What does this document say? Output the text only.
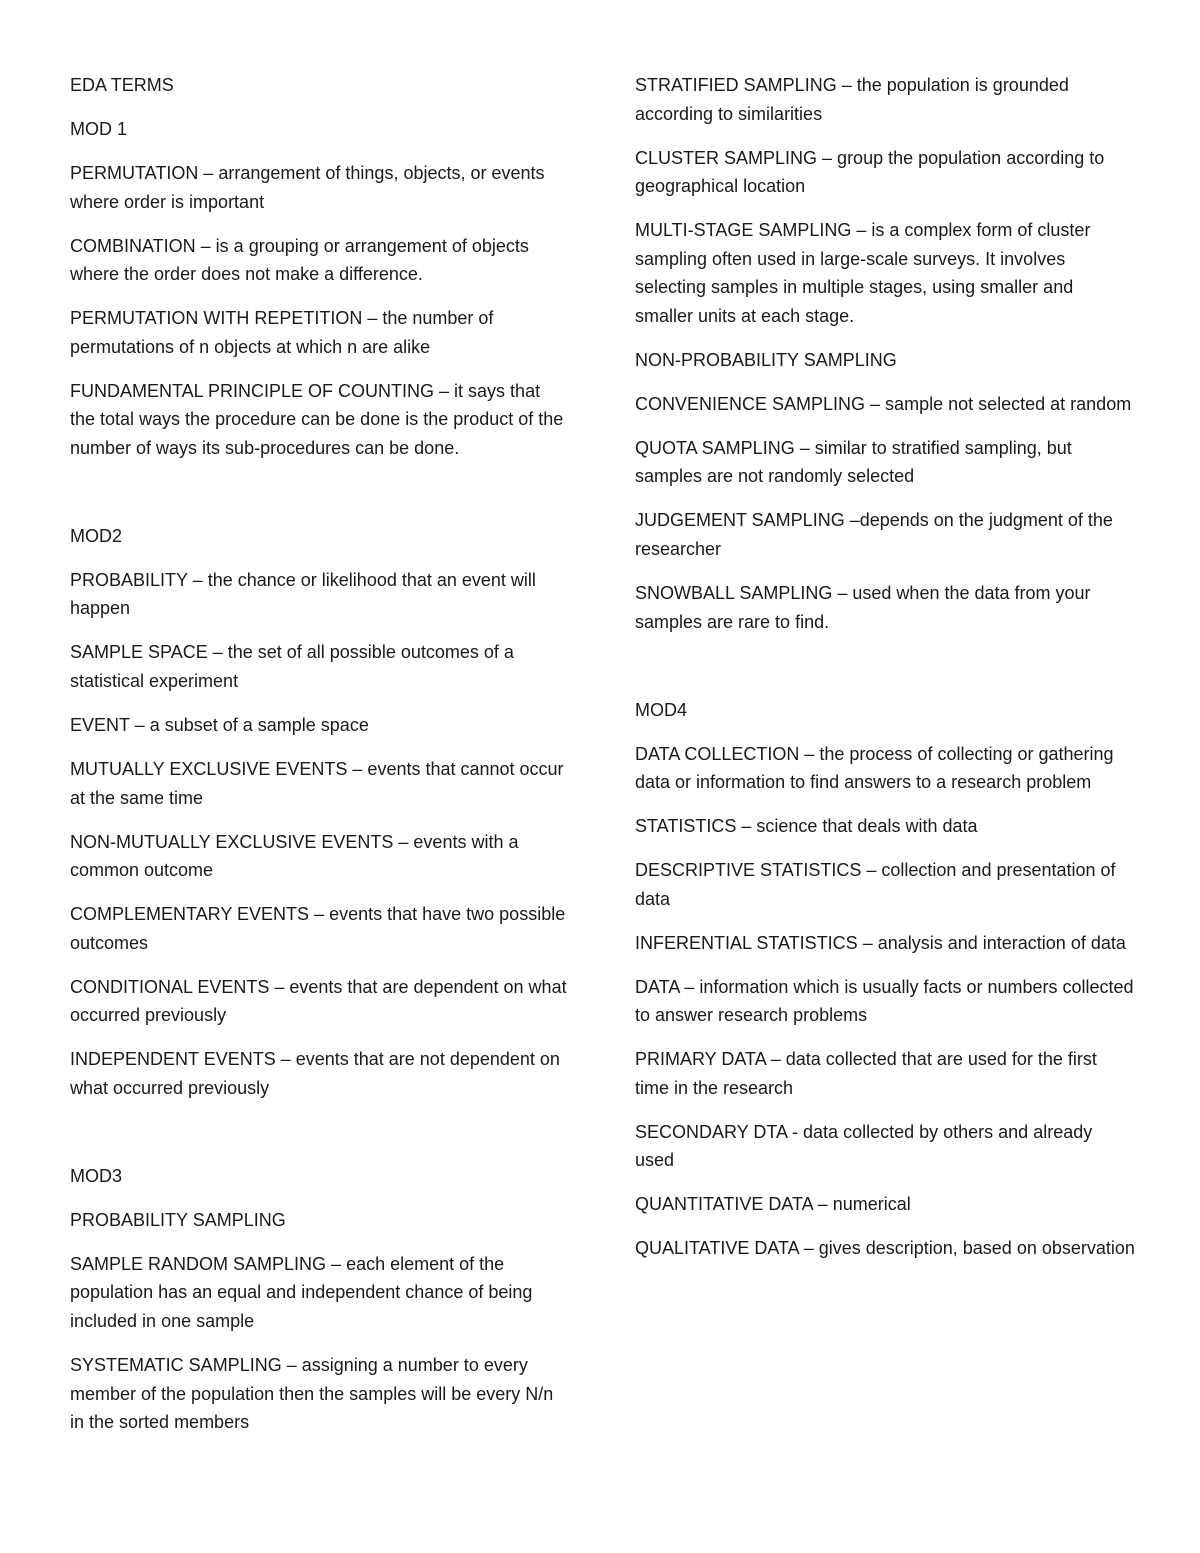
EDA TERMS

MOD 1

PERMUTATION – arrangement of things, objects, or events where order is important

COMBINATION – is a grouping or arrangement of objects where the order does not make a difference.

PERMUTATION WITH REPETITION – the number of permutations of n objects at which n are alike

FUNDAMENTAL PRINCIPLE OF COUNTING – it says that the total ways the procedure can be done is the product of the number of ways its sub-procedures can be done.

MOD2

PROBABILITY – the chance or likelihood that an event will happen

SAMPLE SPACE – the set of all possible outcomes of a statistical experiment

EVENT – a subset of a sample space

MUTUALLY EXCLUSIVE EVENTS – events that cannot occur at the same time

NON-MUTUALLY EXCLUSIVE EVENTS – events with a common outcome

COMPLEMENTARY EVENTS – events that have two possible outcomes

CONDITIONAL EVENTS – events that are dependent on what occurred previously

INDEPENDENT EVENTS – events that are not dependent on what occurred previously

MOD3

PROBABILITY SAMPLING

SAMPLE RANDOM SAMPLING – each element of the population has an equal and independent chance of being included in one sample

SYSTEMATIC SAMPLING – assigning a number to every member of the population then the samples will be every N/n in the sorted members

STRATIFIED SAMPLING – the population is grounded according to similarities

CLUSTER SAMPLING – group the population according to geographical location

MULTI-STAGE SAMPLING – is a complex form of cluster sampling often used in large-scale surveys. It involves selecting samples in multiple stages, using smaller and smaller units at each stage.

NON-PROBABILITY SAMPLING

CONVENIENCE SAMPLING – sample not selected at random

QUOTA SAMPLING – similar to stratified sampling, but samples are not randomly selected

JUDGEMENT SAMPLING –depends on the judgment of the researcher

SNOWBALL SAMPLING – used when the data from your samples are rare to find.

MOD4

DATA COLLECTION – the process of collecting or gathering data or information to find answers to a research problem

STATISTICS – science that deals with data

DESCRIPTIVE STATISTICS – collection and presentation of data

INFERENTIAL STATISTICS – analysis and interaction of data

DATA – information which is usually facts or numbers collected to answer research problems

PRIMARY DATA – data collected that are used for the first time in the research

SECONDARY DTA - data collected by others and already used

QUANTITATIVE DATA – numerical

QUALITATIVE DATA – gives description, based on observation
